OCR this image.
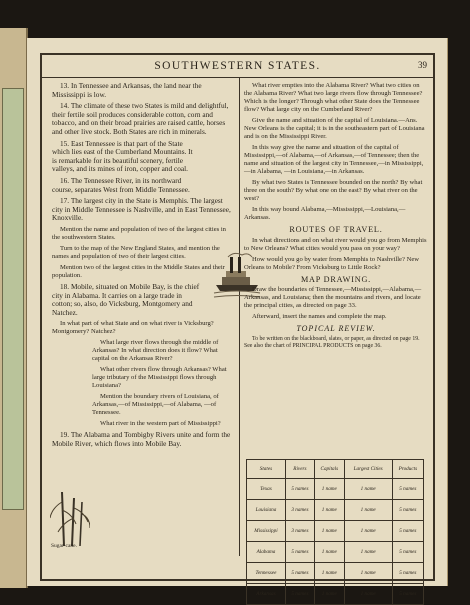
SOUTHWESTERN STATES.	39

13. In Tennessee and Arkansas, the land near the Mississippi is low.

14. The climate of these two States is mild and delightful, their fertile soil produces considerable cotton, corn and tobacco, and on their broad prairies are raised cattle, horses and other live stock. Both States are rich in minerals.

15. East Tennessee is that part of the State which lies east of the Cumberland Mountains. It is remarkable for its beautiful scenery, fertile valleys, and its mines of iron, copper and coal.

16. The Tennessee River, in its northward course, separates West from Middle Tennessee.

17. The largest city in the State is Memphis. The largest city in Middle Tennessee is Nashville, and in East Tennessee, Knoxville.

Mention the name and population of two of the largest cities in the southwestern States.

Turn to the map of the New England States, and mention the names and population of two of their largest cities.

Mention two of the largest cities in the Middle States and their population.

18. Mobile, situated on Mobile Bay, is the chief city in Alabama. It carries on a large trade in cotton; so, also, do Vicksburg, Montgomery and Natchez.

In what part of what State and on what river is Vicksburg? Montgomery? Natchez?

What large river flows through the middle of Arkansas? In what direction does it flow? What capital on the Arkansas River?

What other rivers flow through Arkansas? What large tributary of the Mississippi flows through Louisiana?

Mention the boundary rivers of Louisiana, of Arkansas,—of Mississippi,—of Alabama, —of Tennessee.

What river in the western part of Mississippi?

19. The Alabama and Tombigby Rivers unite and form the Mobile River, which flows into Mobile Bay.

Sugar-cane.

What river empties into the Alabama River? What two cities on the Alabama River? What two large rivers flow through Tennessee? Which is the longer? Through what other State does the Tennessee flow? What large city on the Cumberland River?

Give the name and situation of the capital of Louisiana.—Ans. New Orleans is the capital; it is in the southeastern part of Louisiana and is on the Mississippi River.

In this way give the name and situation of the capital of Mississippi,—of Alabama,—of Arkansas,—of Tennessee; then the name and situation of the largest city in Tennessee,—in Mississippi,—in Alabama, —in Louisiana,—in Arkansas.

By what two States is Tennessee bounded on the north? By what three on the south? By what one on the east? By what river on the west?

In this way bound Alabama,—Mississippi,—Louisiana,—Arkansas.

ROUTES OF TRAVEL.

In what directions and on what river would you go from Memphis to New Orleans? What cities would you pass on your way?

How would you go by water from Memphis to Nashville? New Orleans to Mobile? From Vicksburg to Little Rock?

MAP DRAWING.

Draw the boundaries of Tennessee,—Mississippi,—Alabama,—Arkansas, and Louisiana; then the mountains and rivers, and locate the principal cities, as directed on page 33.

Afterward, insert the names and complete the map.

TOPICAL REVIEW.

To be written on the blackboard, slates, or paper, as directed on page 19. See also the chart of PRINCIPAL PRODUCTS on page 36.

States	Rivers	Capitals	Largest Cities	Products
Texas	5 names	1 name	1 name	5 names
Louisiana	3 names	1 name	1 name	5 names
Mississippi	3 names	1 name	1 name	5 names
Alabama	5 names	1 name	1 name	5 names
Tennessee	5 names	1 name	1 name	5 names
Arkansas	5 names	1 name	1 name	5 names
